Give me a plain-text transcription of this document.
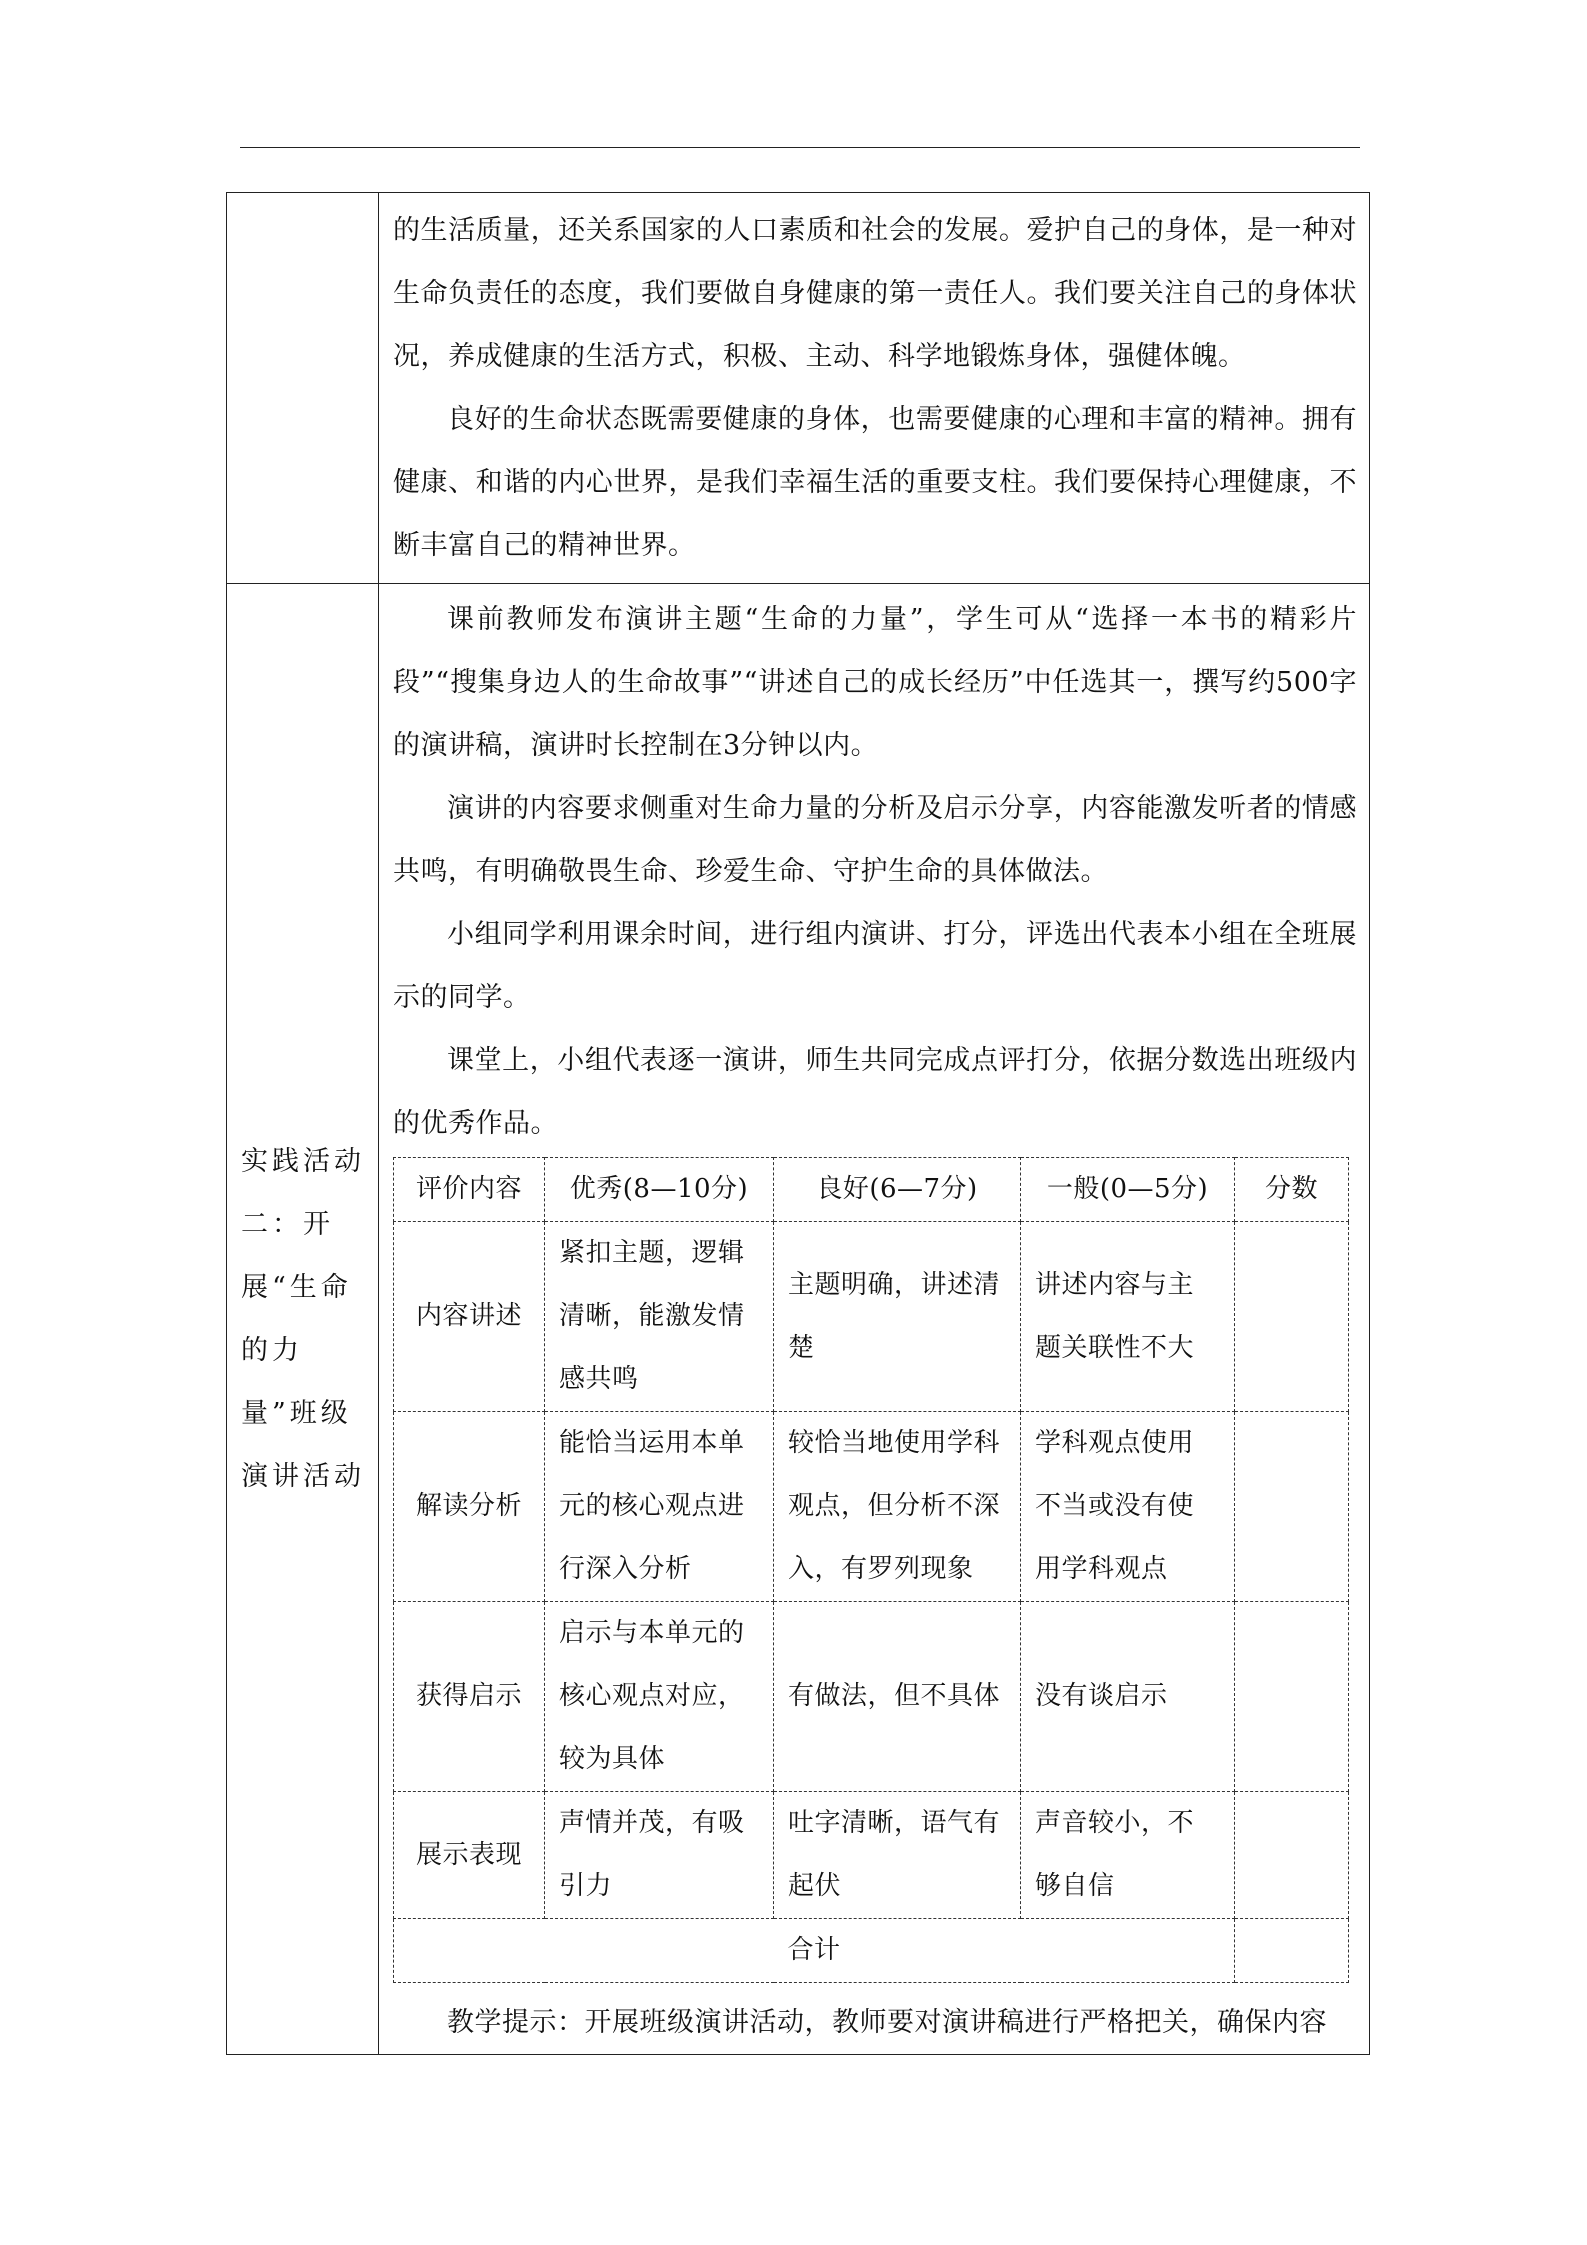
的生活质量，还关系国家的人口素质和社会的发展。爱护自己的身体，是一种对生命负责任的态度，我们要做自身健康的第一责任人。我们要关注自己的身体状况，养成健康的生活方式，积极、主动、科学地锻炼身体，强健体魄。

良好的生命状态既需要健康的身体，也需要健康的心理和丰富的精神。拥有健康、和谐的内心世界，是我们幸福生活的重要支柱。我们要保持心理健康，不断丰富自己的精神世界。

实践活动二：开展“生命的力量”班级演讲活动

课前教师发布演讲主题“生命的力量”，学生可从“选择一本书的精彩片段”“搜集身边人的生命故事”“讲述自己的成长经历”中任选其一，撰写约500字的演讲稿，演讲时长控制在3分钟以内。

演讲的内容要求侧重对生命力量的分析及启示分享，内容能激发听者的情感共鸣，有明确敬畏生命、珍爱生命、守护生命的具体做法。

小组同学利用课余时间，进行组内演讲、打分，评选出代表本小组在全班展示的同学。

课堂上，小组代表逐一演讲，师生共同完成点评打分，依据分数选出班级内的优秀作品。

评价内容	优秀(8—10分)	良好(6—7分)	一般(0—5分)	分数
内容讲述	紧扣主题，逻辑清晰，能激发情感共鸣	主题明确，讲述清楚	讲述内容与主题关联性不大	
解读分析	能恰当运用本单元的核心观点进行深入分析	较恰当地使用学科观点，但分析不深入，有罗列现象	学科观点使用不当或没有使用学科观点	
获得启示	启示与本单元的核心观点对应，较为具体	有做法，但不具体	没有谈启示	
展示表现	声情并茂，有吸引力	吐字清晰，语气有起伏	声音较小，不够自信	
合计	

教学提示：开展班级演讲活动，教师要对演讲稿进行严格把关，确保内容
